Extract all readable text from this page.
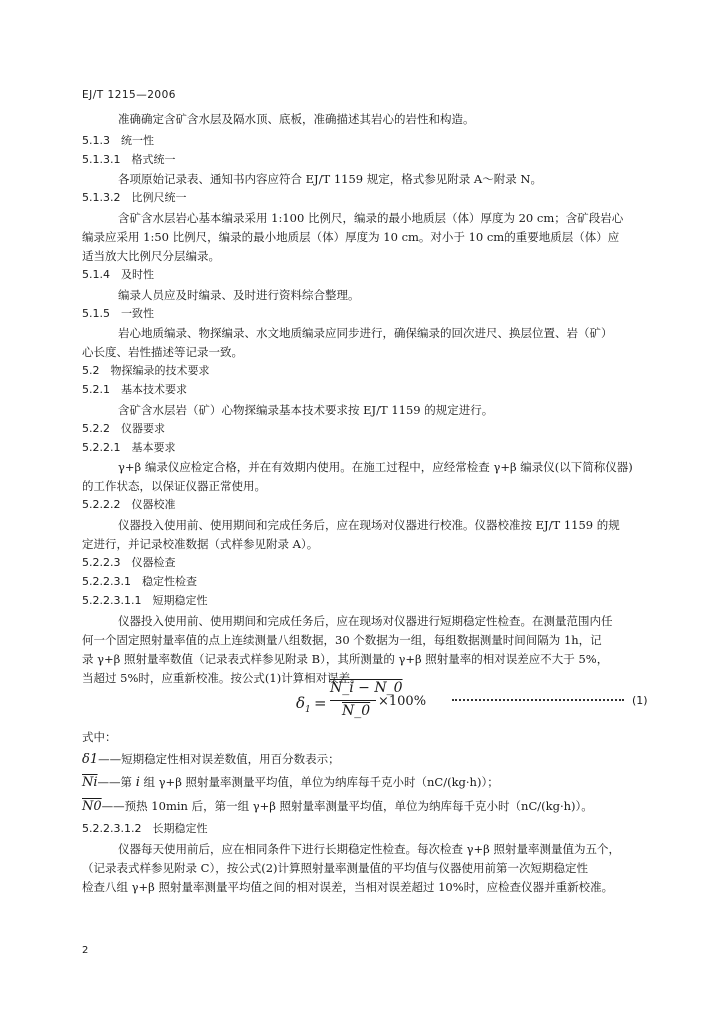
EJ/T 1215—2006
准确确定含矿含水层及隔水顶、底板，准确描述其岩心的岩性和构造。
5.1.3　统一性
5.1.3.1　格式统一
各项原始记录表、通知书内容应符合 EJ/T 1159 规定，格式参见附录 A～附录 N。
5.1.3.2　比例尺统一
含矿含水层岩心基本编录采用 1:100 比例尺，编录的最小地质层（体）厚度为 20 cm；含矿段岩心
编录应采用 1:50 比例尺，编录的最小地质层（体）厚度为 10 cm。对小于 10 cm的重要地质层（体）应
适当放大比例尺分层编录。
5.1.4　及时性
编录人员应及时编录、及时进行资料综合整理。
5.1.5　一致性
岩心地质编录、物探编录、水文地质编录应同步进行，确保编录的回次进尺、换层位置、岩（矿）
心长度、岩性描述等记录一致。
5.2　物探编录的技术要求
5.2.1　基本技术要求
含矿含水层岩（矿）心物探编录基本技术要求按 EJ/T 1159 的规定进行。
5.2.2　仪器要求
5.2.2.1　基本要求
γ+β 编录仪应检定合格，并在有效期内使用。在施工过程中，应经常检查 γ+β 编录仪(以下简称仪器)
的工作状态，以保证仪器正常使用。
5.2.2.2　仪器校准
仪器投入使用前、使用期间和完成任务后，应在现场对仪器进行校准。仪器校准按 EJ/T 1159 的规
定进行，并记录校准数据（式样参见附录 A）。
5.2.2.3　仪器检查
5.2.2.3.1　稳定性检查
5.2.2.3.1.1　短期稳定性
仪器投入使用前、使用期间和完成任务后，应在现场对仪器进行短期稳定性检查。在测量范围内任
何一个固定照射量率值的点上连续测量八组数据，30 个数据为一组，每组数据测量时间间隔为 1h，记
录 γ+β 照射量率数值（记录表式样参见附录 B），其所测量的 γ+β 照射量率的相对误差应不大于 5%，
当超过 5%时，应重新校准。按公式(1)计算相对误差。
$\delta_1$ =
N_i − N_0
N_0
×100%	(1)
式中：
δ1——短期稳定性相对误差数值，用百分数表示；
$\overline{Ni}——$第 i 组 γ+β 照射量率测量平均值，单位为纳库每千克小时（nC/(kg·h)）；
N0——预热 10min 后，第一组 γ+β 照射量率测量平均值，单位为纳库每千克小时（nC/(kg·h)）。
5.2.2.3.1.2　长期稳定性
仪器每天使用前后，应在相同条件下进行长期稳定性检查。每次检查 γ+β 照射量率测量值为五个，
（记录表式样参见附录 C），按公式(2)计算照射量率测量值的平均值与仪器使用前第一次短期稳定性
检查八组 γ+β 照射量率测量平均值之间的相对误差，当相对误差超过 10%时，应检查仪器并重新校准。
2
